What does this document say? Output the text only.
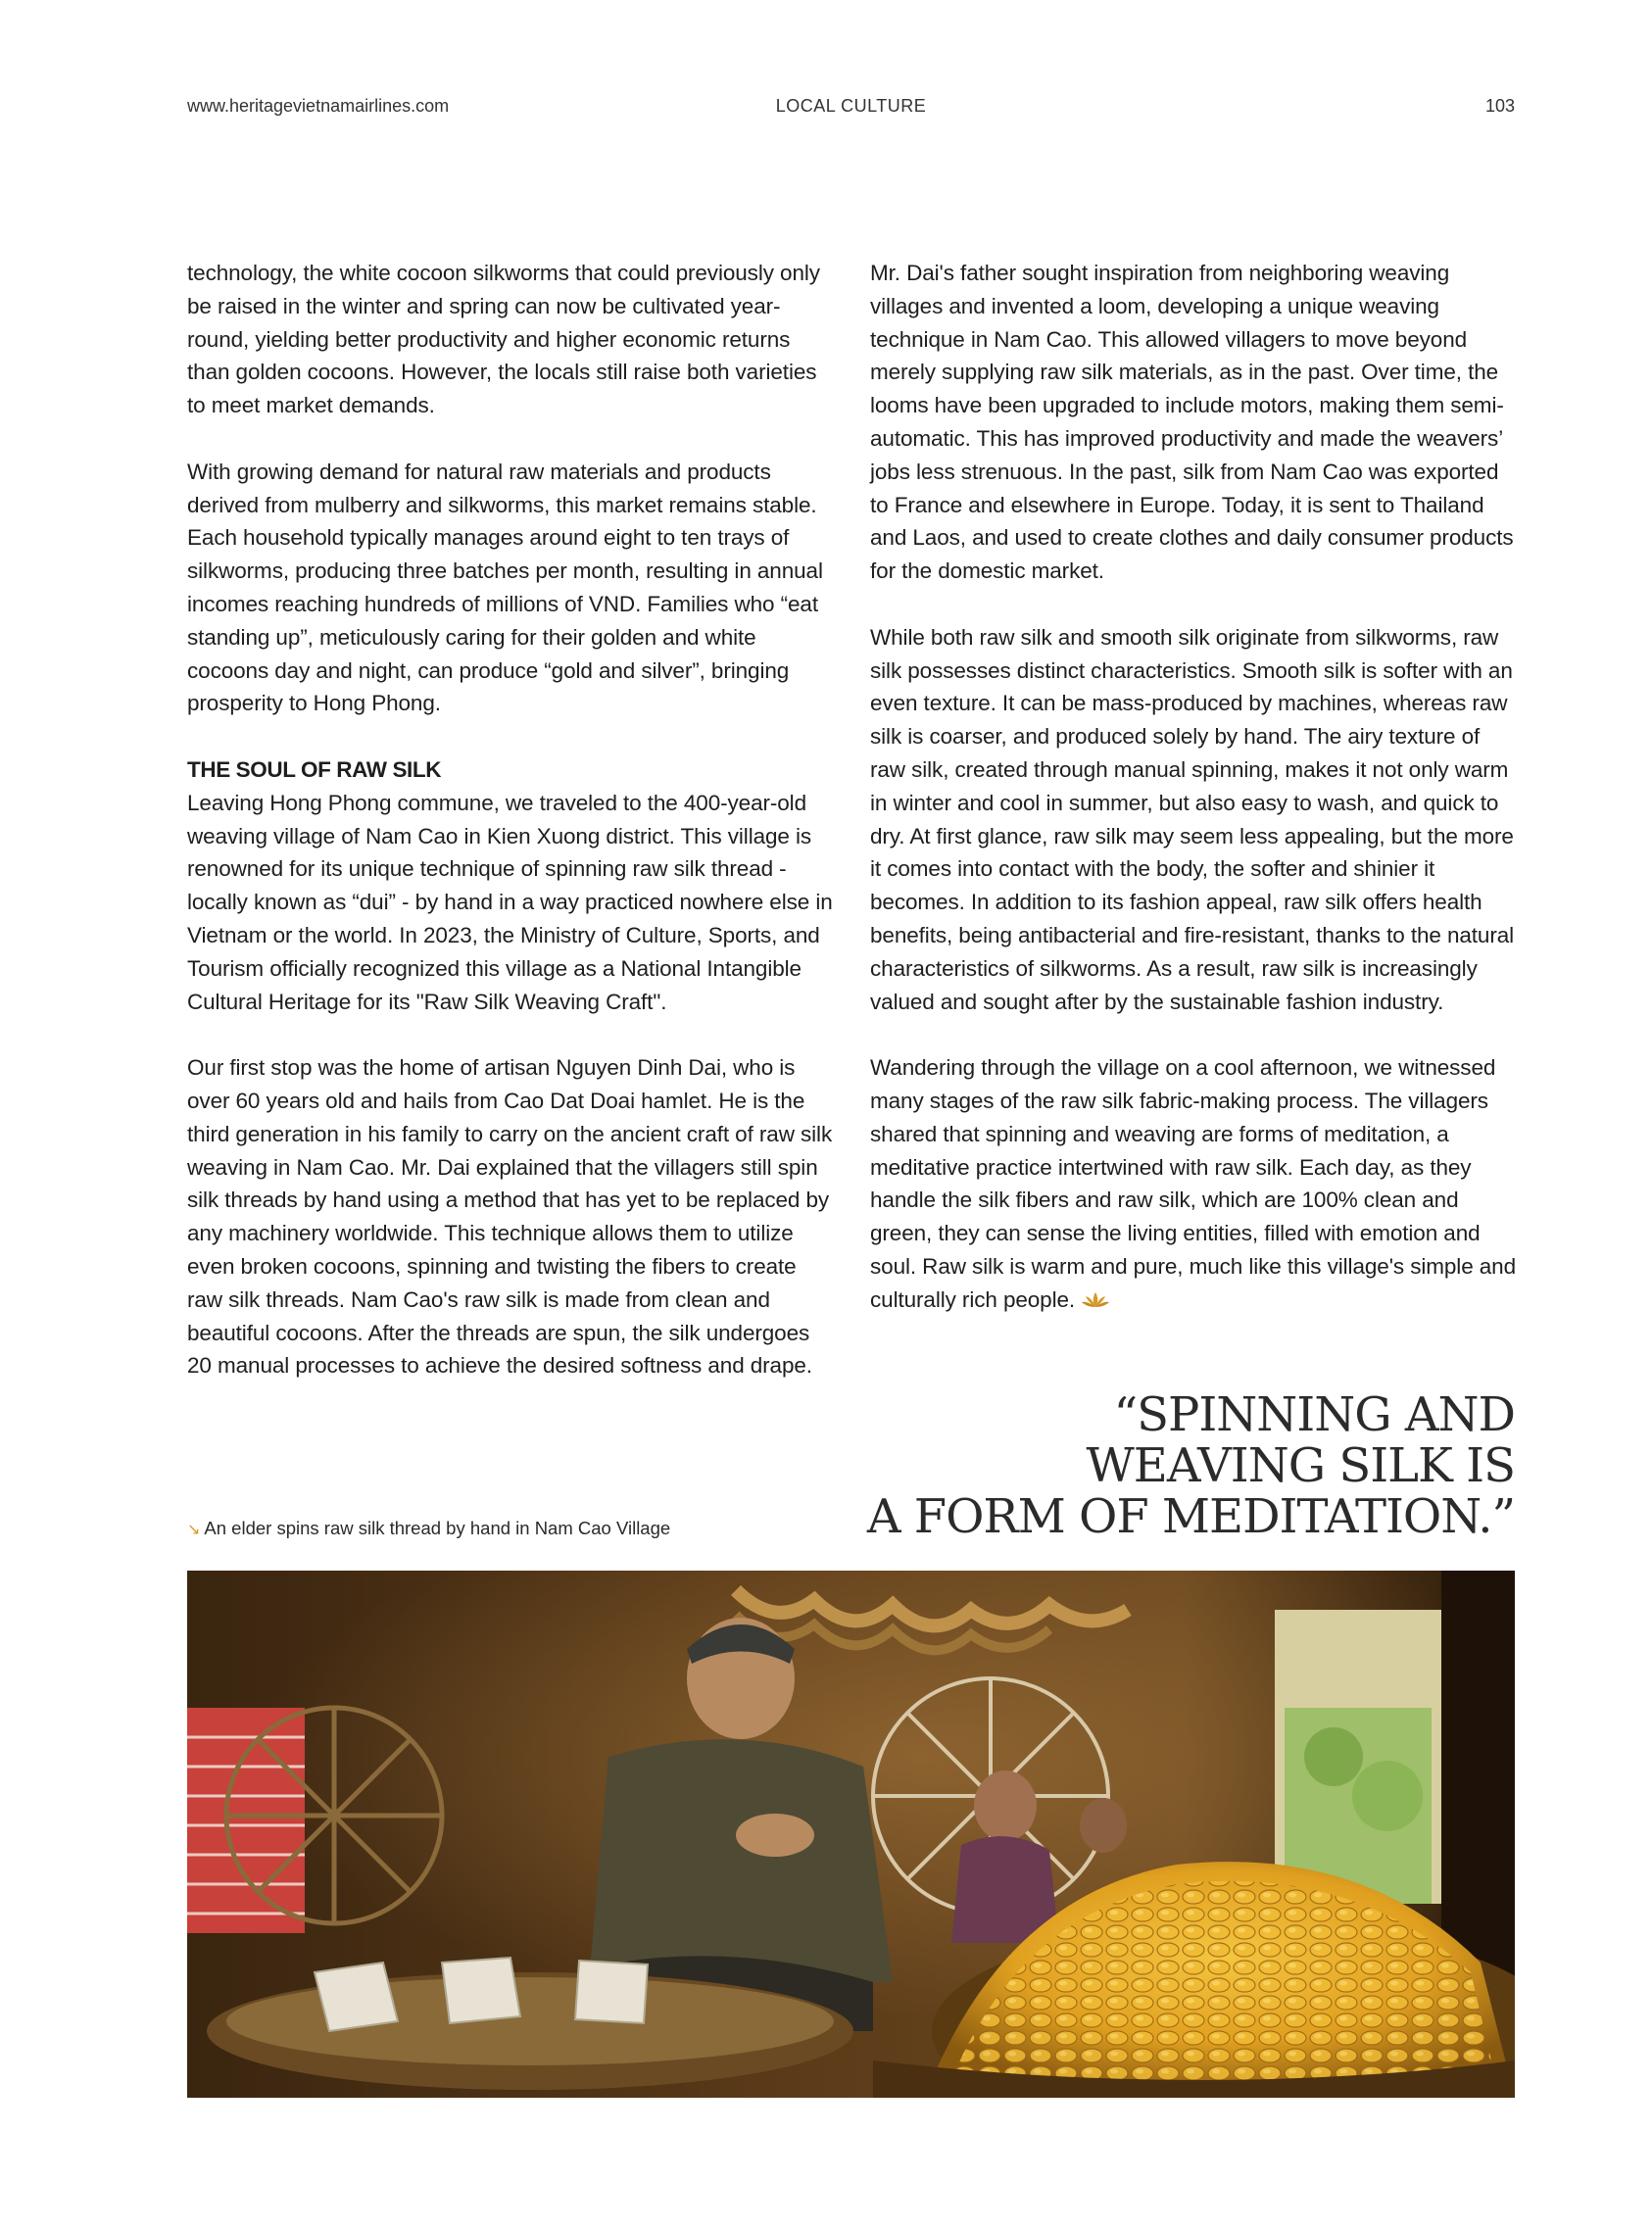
www.heritagevietnamairlines.com	LOCAL CULTURE	103

technology, the white cocoon silkworms that could previously only be raised in the winter and spring can now be cultivated year-round, yielding better productivity and higher economic returns than golden cocoons. However, the locals still raise both varieties to meet market demands.

With growing demand for natural raw materials and products derived from mulberry and silkworms, this market remains stable. Each household typically manages around eight to ten trays of silkworms, producing three batches per month, resulting in annual incomes reaching hundreds of millions of VND. Families who “eat standing up”, meticulously caring for their golden and white cocoons day and night, can produce “gold and silver”, bringing prosperity to Hong Phong.

THE SOUL OF RAW SILK

Leaving Hong Phong commune, we traveled to the 400-year-old weaving village of Nam Cao in Kien Xuong district. This village is renowned for its unique technique of spinning raw silk thread - locally known as “dui” - by hand in a way practiced nowhere else in Vietnam or the world. In 2023, the Ministry of Culture, Sports, and Tourism officially recognized this village as a National Intangible Cultural Heritage for its "Raw Silk Weaving Craft".

Our first stop was the home of artisan Nguyen Dinh Dai, who is over 60 years old and hails from Cao Dat Doai hamlet. He is the third generation in his family to carry on the ancient craft of raw silk weaving in Nam Cao. Mr. Dai explained that the villagers still spin silk threads by hand using a method that has yet to be replaced by any machinery worldwide. This technique allows them to utilize even broken cocoons, spinning and twisting the fibers to create raw silk threads. Nam Cao's raw silk is made from clean and beautiful cocoons. After the threads are spun, the silk undergoes 20 manual processes to achieve the desired softness and drape.

Mr. Dai's father sought inspiration from neighboring weaving villages and invented a loom, developing a unique weaving technique in Nam Cao. This allowed villagers to move beyond merely supplying raw silk materials, as in the past. Over time, the looms have been upgraded to include motors, making them semi-automatic. This has improved productivity and made the weavers’ jobs less strenuous. In the past, silk from Nam Cao was exported to France and elsewhere in Europe. Today, it is sent to Thailand and Laos, and used to create clothes and daily consumer products for the domestic market.

While both raw silk and smooth silk originate from silkworms, raw silk possesses distinct characteristics. Smooth silk is softer with an even texture. It can be mass-produced by machines, whereas raw silk is coarser, and produced solely by hand. The airy texture of raw silk, created through manual spinning, makes it not only warm in winter and cool in summer, but also easy to wash, and quick to dry. At first glance, raw silk may seem less appealing, but the more it comes into contact with the body, the softer and shinier it becomes. In addition to its fashion appeal, raw silk offers health benefits, being antibacterial and fire-resistant, thanks to the natural characteristics of silkworms. As a result, raw silk is increasingly valued and sought after by the sustainable fashion industry.

Wandering through the village on a cool afternoon, we witnessed many stages of the raw silk fabric-making process. The villagers shared that spinning and weaving are forms of meditation, a meditative practice intertwined with raw silk. Each day, as they handle the silk fibers and raw silk, which are 100% clean and green, they can sense the living entities, filled with emotion and soul. Raw silk is warm and pure, much like this village's simple and culturally rich people.

“SPINNING AND
WEAVING SILK IS
A FORM OF MEDITATION.”
↘ An elder spins raw silk thread by hand in Nam Cao Village
